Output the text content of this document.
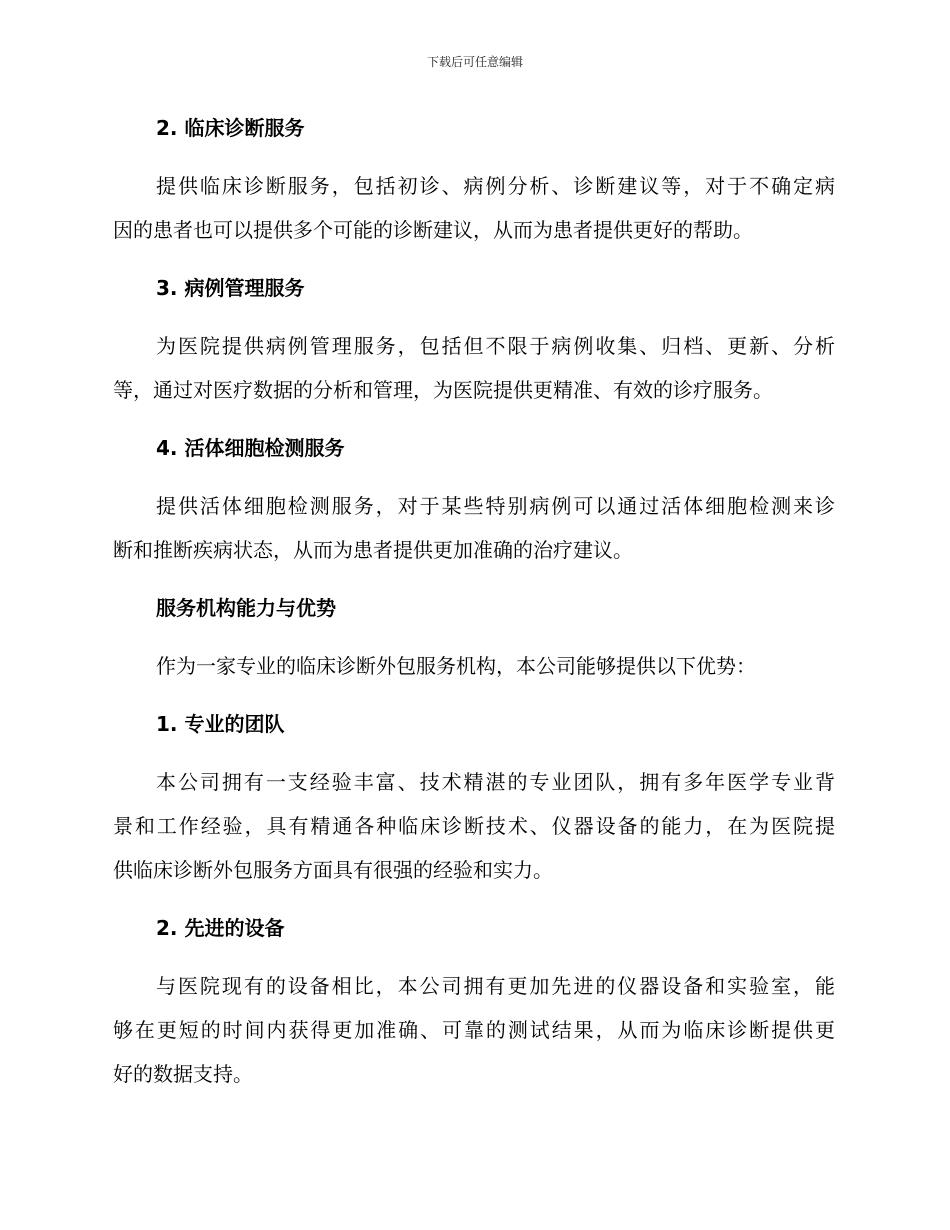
下载后可任意编辑
2. 临床诊断服务
提供临床诊断服务，包括初诊、病例分析、诊断建议等，对于不确定病
因的患者也可以提供多个可能的诊断建议，从而为患者提供更好的帮助。
3. 病例管理服务
为医院提供病例管理服务，包括但不限于病例收集、归档、更新、分析
等，通过对医疗数据的分析和管理，为医院提供更精准、有效的诊疗服务。
4. 活体细胞检测服务
提供活体细胞检测服务，对于某些特别病例可以通过活体细胞检测来诊
断和推断疾病状态，从而为患者提供更加准确的治疗建议。
服务机构能力与优势
作为一家专业的临床诊断外包服务机构，本公司能够提供以下优势：
1. 专业的团队
本公司拥有一支经验丰富、技术精湛的专业团队，拥有多年医学专业背
景和工作经验，具有精通各种临床诊断技术、仪器设备的能力，在为医院提
供临床诊断外包服务方面具有很强的经验和实力。
2. 先进的设备
与医院现有的设备相比，本公司拥有更加先进的仪器设备和实验室，能
够在更短的时间内获得更加准确、可靠的测试结果，从而为临床诊断提供更
好的数据支持。
